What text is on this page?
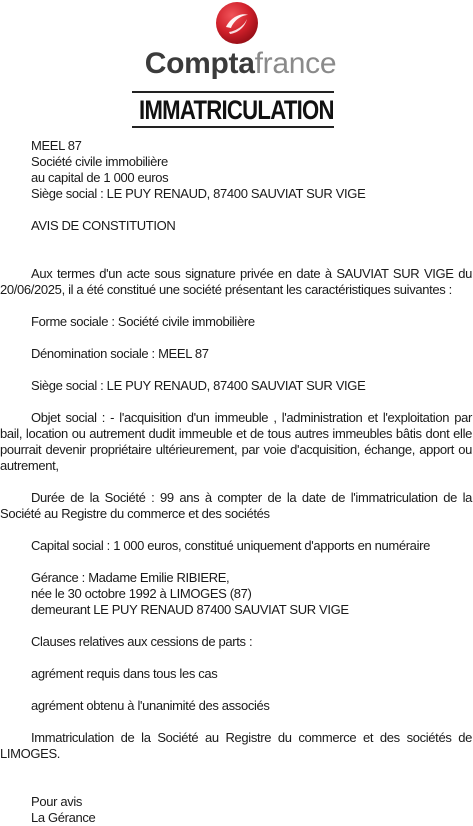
Comptafrance
IMMATRICULATION
MEEL 87
Société civile immobilière
au capital de 1 000 euros
Siège social : LE PUY RENAUD, 87400 SAUVIAT SUR VIGE
AVIS DE CONSTITUTION
Aux termes d'un acte sous signature privée en date à SAUVIAT SUR VIGE du 20/06/2025, il a été constitué une société présentant les caractéristiques suivantes :
Forme sociale : Société civile immobilière
Dénomination sociale : MEEL 87
Siège social : LE PUY RENAUD, 87400 SAUVIAT SUR VIGE
Objet social : - l'acquisition d'un immeuble , l'administration et l'exploitation par bail, location ou autrement dudit immeuble et de tous autres immeubles bâtis dont elle pourrait devenir propriétaire ultérieurement, par voie d'acquisition, échange, apport ou autrement,
Durée de la Société : 99 ans à compter de la date de l'immatriculation de la Société au Registre du commerce et des sociétés
Capital social : 1 000 euros, constitué uniquement d'apports en numéraire
Gérance : Madame Emilie RIBIERE,
née le 30 octobre 1992 à LIMOGES (87)
demeurant LE PUY RENAUD 87400 SAUVIAT SUR VIGE
Clauses relatives aux cessions de parts :
agrément requis dans tous les cas
agrément obtenu à l'unanimité des associés
Immatriculation de la Société au Registre du commerce et des sociétés de LIMOGES.
Pour avis
La Gérance
